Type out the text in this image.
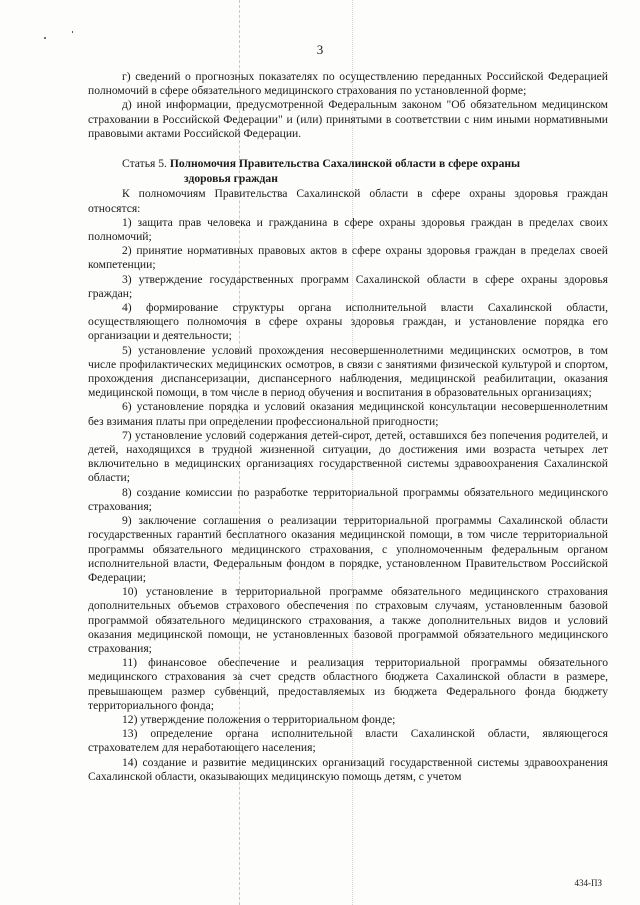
3

г) сведений о прогнозных показателях по осуществлению переданных Российской Федерацией полномочий в сфере обязательного медицинского страхования по установленной форме;

д) иной информации, предусмотренной Федеральным законом "Об обязательном медицинском страховании в Российской Федерации" и (или) принятыми в соответствии с ним иными нормативными правовыми актами Российской Федерации.

Статья 5. Полномочия Правительства Сахалинской области в сфере охраны

здоровья граждан

К полномочиям Правительства Сахалинской области в сфере охраны здоровья граждан относятся:

1) защита прав человека и гражданина в сфере охраны здоровья граждан в пределах своих полномочий;

2) принятие нормативных правовых актов в сфере охраны здоровья граждан в пределах своей компетенции;

3) утверждение государственных программ Сахалинской области в сфере охраны здоровья граждан;

4) формирование структуры органа исполнительной власти Сахалинской области, осуществляющего полномочия в сфере охраны здоровья граждан, и установление порядка его организации и деятельности;

5) установление условий прохождения несовершеннолетними медицинских осмотров, в том числе профилактических медицинских осмотров, в связи с занятиями физической культурой и спортом, прохождения диспансеризации, диспансерного наблюдения, медицинской реабилитации, оказания медицинской помощи, в том числе в период обучения и воспитания в образовательных организациях;

6) установление порядка и условий оказания медицинской консультации несовершеннолетним без взимания платы при определении профессиональной пригодности;

7) установление условий содержания детей-сирот, детей, оставшихся без попечения родителей, и детей, находящихся в трудной жизненной ситуации, до достижения ими возраста четырех лет включительно в медицинских организациях государственной системы здравоохранения Сахалинской области;

8) создание комиссии по разработке территориальной программы обязательного медицинского страхования;

9) заключение соглашения о реализации территориальной программы Сахалинской области государственных гарантий бесплатного оказания медицинской помощи, в том числе территориальной программы обязательного медицинского страхования, с уполномоченным федеральным органом исполнительной власти, Федеральным фондом в порядке, установленном Правительством Российской Федерации;

10) установление в территориальной программе обязательного медицинского страхования дополнительных объемов страхового обеспечения по страховым случаям, установленным базовой программой обязательного медицинского страхования, а также дополнительных видов и условий оказания медицинской помощи, не установленных базовой программой обязательного медицинского страхования;

11) финансовое обеспечение и реализация территориальной программы обязательного медицинского страхования за счет средств областного бюджета Сахалинской области в размере, превышающем размер субвенций, предоставляемых из бюджета Федерального фонда бюджету территориального фонда;

12) утверждение положения о территориальном фонде;

13) определение органа исполнительной власти Сахалинской области, являющегося страхователем для неработающего населения;

14) создание и развитие медицинских организаций государственной системы здравоохранения Сахалинской области, оказывающих медицинскую помощь детям, с учетом

434-ПЗ
